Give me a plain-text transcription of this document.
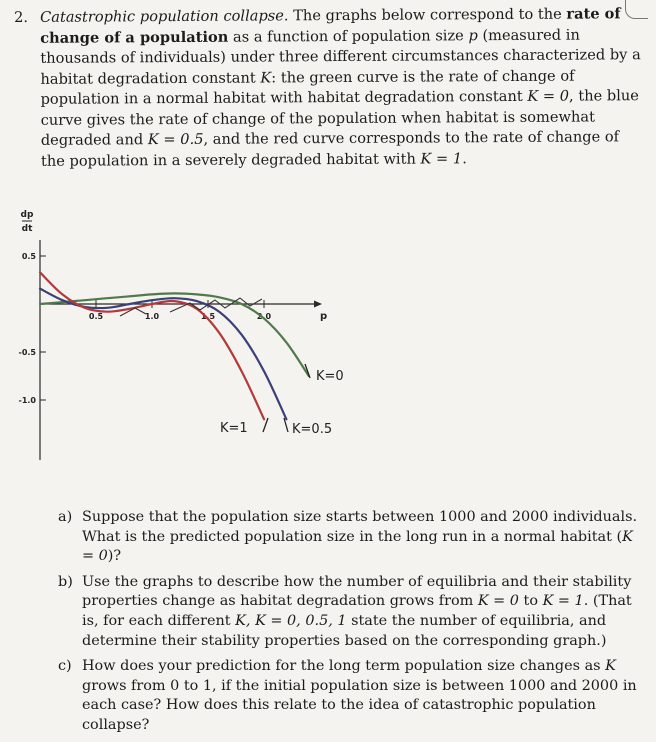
2. Catastrophic population collapse. The graphs below correspond to the rate of change of a population as a function of population size p (measured in thousands of individuals) under three different circumstances characterized by a habitat degradation constant K: the green curve is the rate of change of population in a normal habitat with habitat degradation constant K = 0, the blue curve gives the rate of change of the population when habitat is somewhat degraded and K = 0.5, and the red curve corresponds to the rate of change of the population in a severely degraded habitat with K = 1.
dp
dt
p
0.5
-0.5
-1.0
0.5	1.0	1.5	2.0
K=0
K=1	K=0.5
a) Suppose that the population size starts between 1000 and 2000 individuals. What is the predicted population size in the long run in a normal habitat (K = 0)?
b) Use the graphs to describe how the number of equilibria and their stability properties change as habitat degradation grows from K = 0 to K = 1. (That is, for each different K, K = 0, 0.5, 1 state the number of equilibria, and determine their stability properties based on the corresponding graph.)
c) How does your prediction for the long term population size changes as K grows from 0 to 1, if the initial population size is between 1000 and 2000 in each case? How does this relate to the idea of catastrophic population collapse?
